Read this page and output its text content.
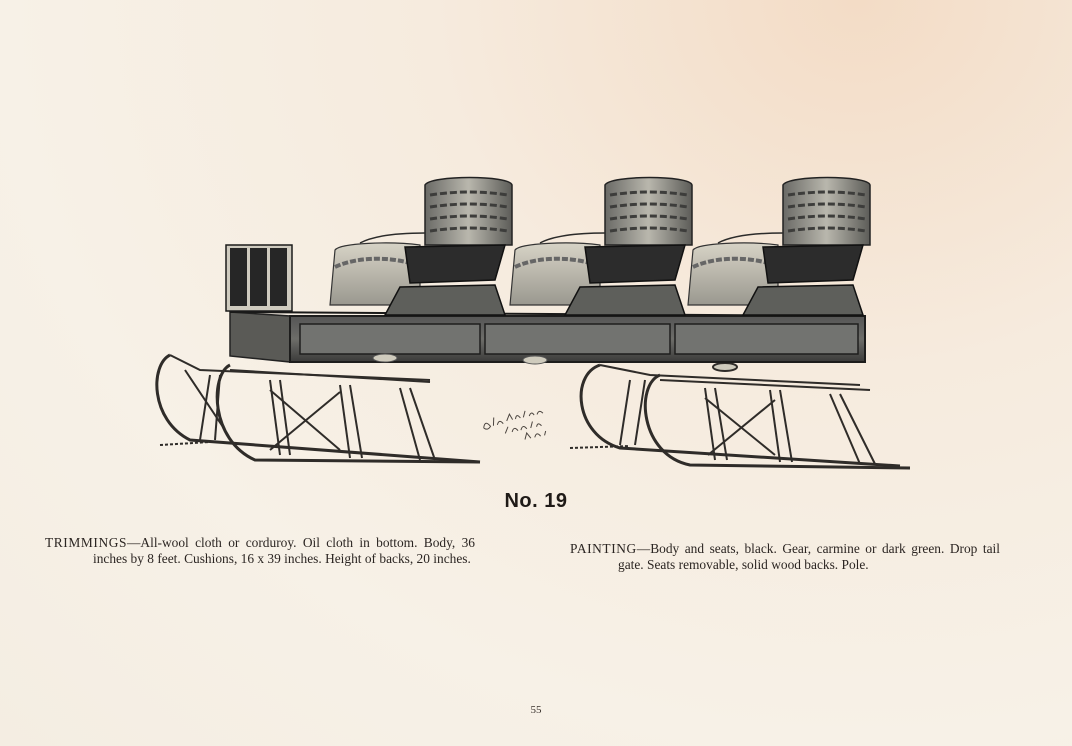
No. 19
TRIMMINGS—All-wool cloth or corduroy. Oil cloth in bottom. Body, 36 inches by 8 feet. Cushions, 16 x 39 inches. Height of backs, 20 inches.
PAINTING—Body and seats, black. Gear, carmine or dark green. Drop tail gate. Seats removable, solid wood backs. Pole.
55
